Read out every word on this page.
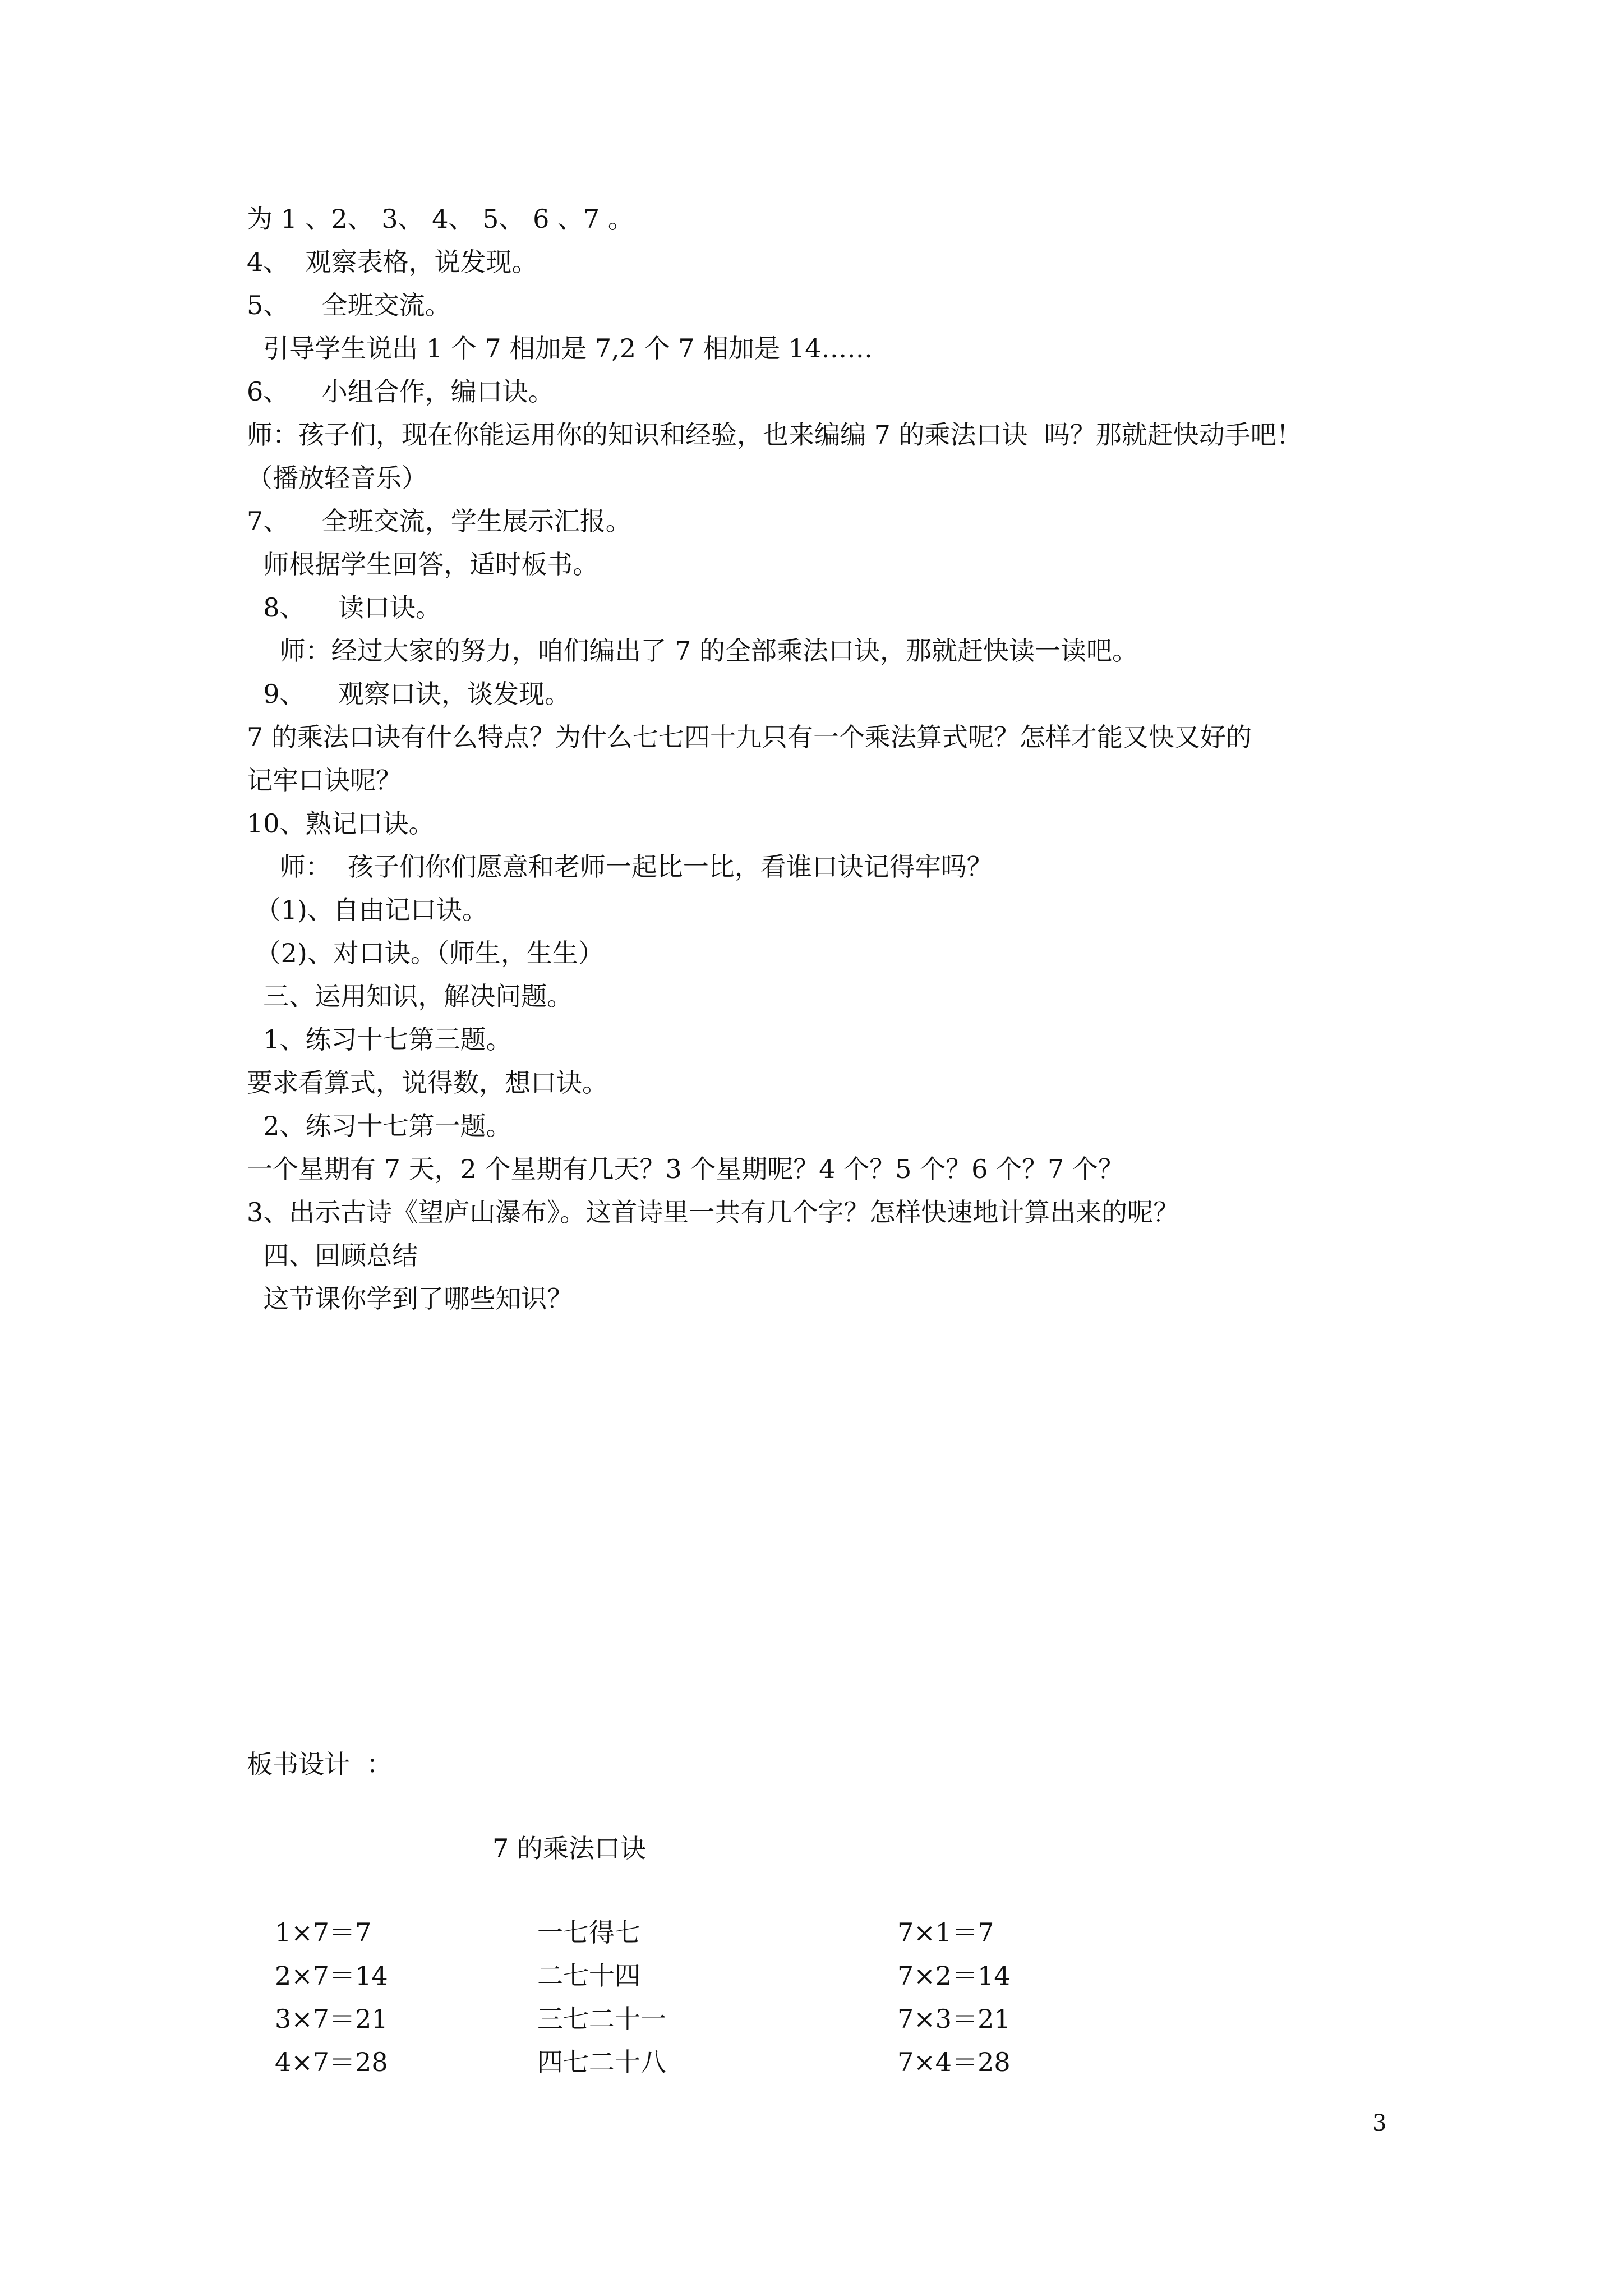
为 1 、2、 3、 4、 5、 6 、7 。
4、  观察表格，说发现。
5、    全班交流。
引导学生说出 1 个 7 相加是 7,2 个 7 相加是 14……
6、    小组合作，编口诀。
师：孩子们，现在你能运用你的知识和经验，也来编编 7 的乘法口诀  吗？那就赶快动手吧！
（播放轻音乐）
7、    全班交流，学生展示汇报。
师根据学生回答，适时板书。
8、    读口诀。
师：经过大家的努力，咱们编出了 7 的全部乘法口诀，那就赶快读一读吧。
9、    观察口诀，谈发现。
7 的乘法口诀有什么特点？为什么七七四十九只有一个乘法算式呢？怎样才能又快又好的
记牢口诀呢？
10、熟记口诀。
师：  孩子们你们愿意和老师一起比一比，看谁口诀记得牢吗？
（1)、自由记口诀。
（2)、对口诀。（师生，生生）
三、运用知识，解决问题。
1、练习十七第三题。
要求看算式，说得数，想口诀。
2、练习十七第一题。
一个星期有 7 天，2 个星期有几天？3 个星期呢？4 个？5 个？6 个？7 个？
3、出示古诗《望庐山瀑布》。这首诗里一共有几个字？怎样快速地计算出来的呢？
四、回顾总结
这节课你学到了哪些知识？
板书设计  ：
7 的乘法口诀
1×7＝7	一七得七	7×1＝7
2×7＝14	二七十四	7×2＝14
3×7＝21	三七二十一	7×3＝21
4×7＝28	四七二十八	7×4＝28
3
